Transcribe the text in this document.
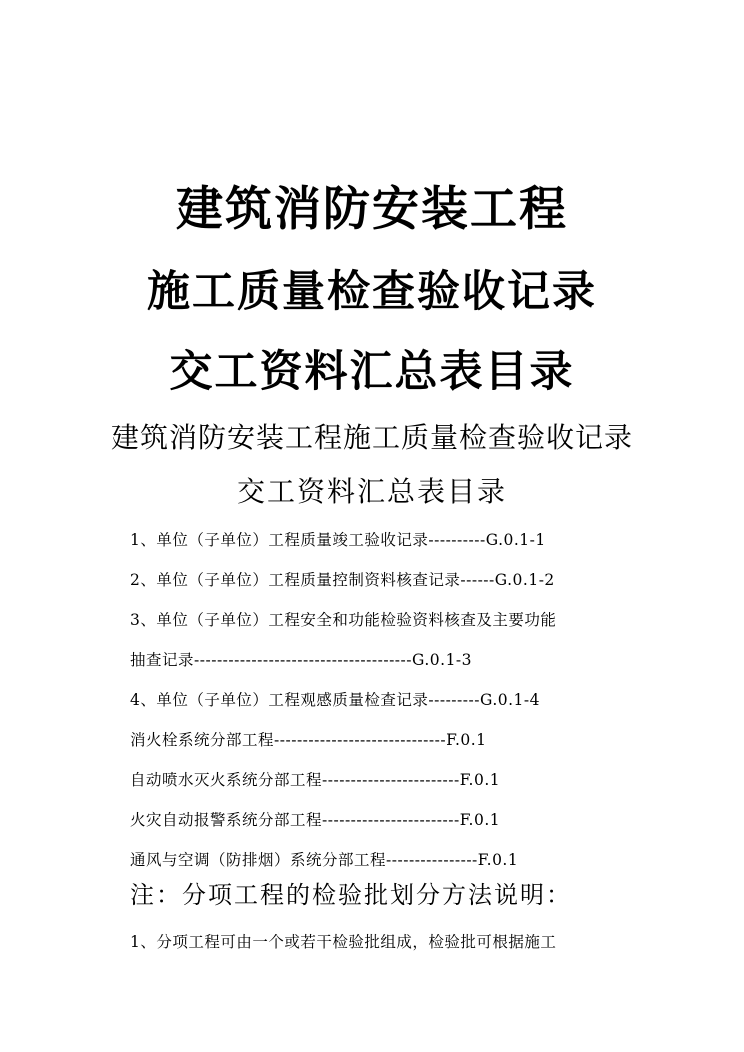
建筑消防安装工程
施工质量检查验收记录
交工资料汇总表目录
建筑消防安装工程施工质量检查验收记录
交工资料汇总表目录
1、单位（子单位）工程质量竣工验收记录----------G.0.1-1
2、单位（子单位）工程质量控制资料核查记录------G.0.1-2
3、单位（子单位）工程安全和功能检验资料核查及主要功能
抽查记录--------------------------------------G.0.1-3
4、单位（子单位）工程观感质量检查记录---------G.0.1-4
消火栓系统分部工程------------------------------F.0.1
自动喷水灭火系统分部工程------------------------F.0.1
火灾自动报警系统分部工程------------------------F.0.1
通风与空调（防排烟）系统分部工程----------------F.0.1
注：分项工程的检验批划分方法说明：
1、分项工程可由一个或若干检验批组成，检验批可根据施工
